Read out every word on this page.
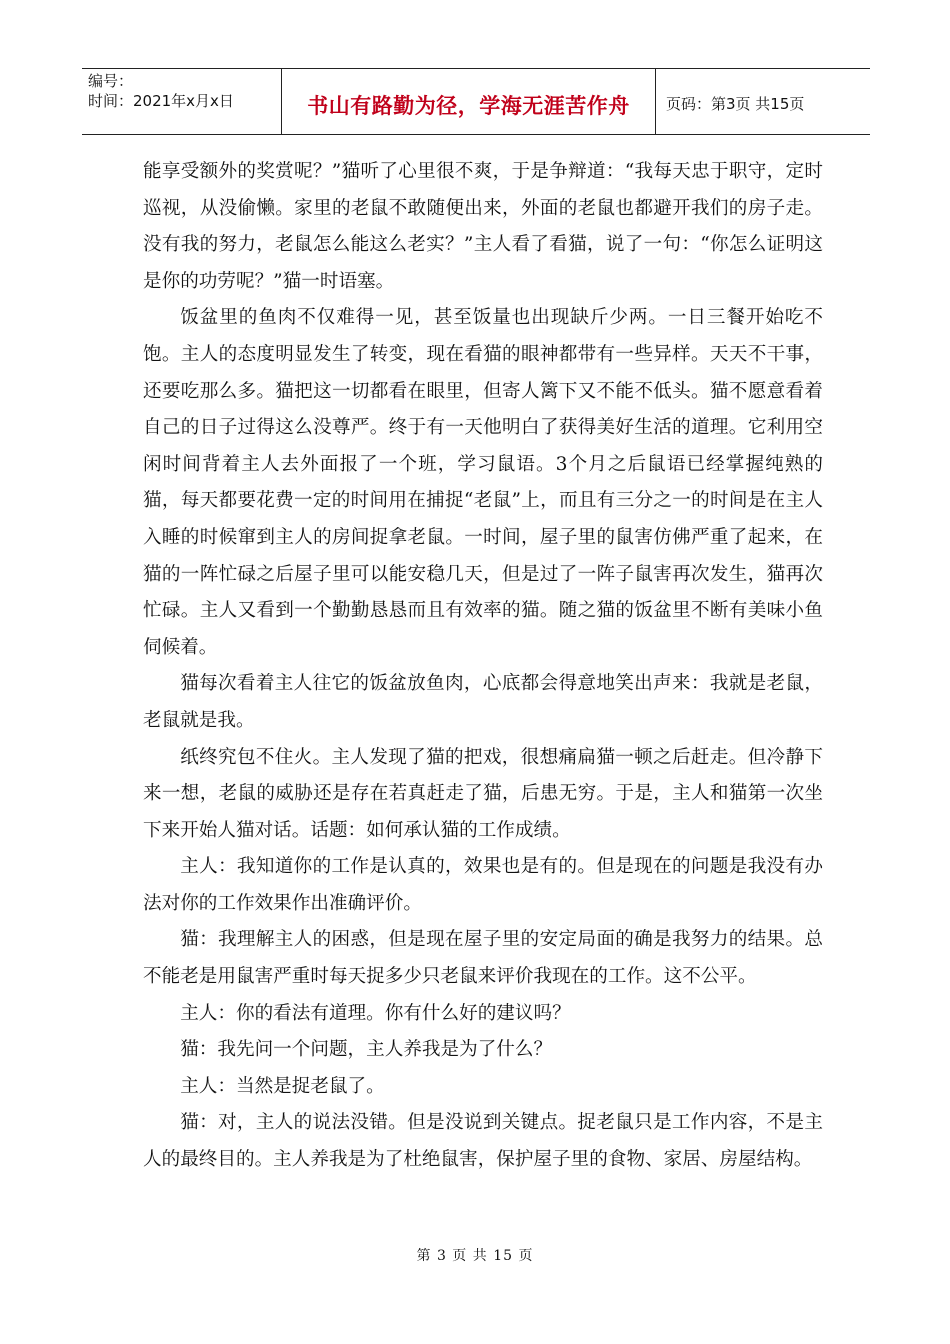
编号：
时间：2021年x月x日	书山有路勤为径，学海无涯苦作舟	页码：第3页 共15页

能享受额外的奖赏呢？”猫听了心里很不爽，于是争辩道：“我每天忠于职守，定时巡视，从没偷懒。家里的老鼠不敢随便出来，外面的老鼠也都避开我们的房子走。没有我的努力，老鼠怎么能这么老实？”主人看了看猫，说了一句：“你怎么证明这是你的功劳呢？”猫一时语塞。

饭盆里的鱼肉不仅难得一见，甚至饭量也出现缺斤少两。一日三餐开始吃不饱。主人的态度明显发生了转变，现在看猫的眼神都带有一些异样。天天不干事，还要吃那么多。猫把这一切都看在眼里，但寄人篱下又不能不低头。猫不愿意看着自己的日子过得这么没尊严。终于有一天他明白了获得美好生活的道理。它利用空闲时间背着主人去外面报了一个班，学习鼠语。3个月之后鼠语已经掌握纯熟的猫，每天都要花费一定的时间用在捕捉“老鼠”上，而且有三分之一的时间是在主人入睡的时候窜到主人的房间捉拿老鼠。一时间，屋子里的鼠害仿佛严重了起来，在猫的一阵忙碌之后屋子里可以能安稳几天，但是过了一阵子鼠害再次发生，猫再次忙碌。主人又看到一个勤勤恳恳而且有效率的猫。随之猫的饭盆里不断有美味小鱼伺候着。

猫每次看着主人往它的饭盆放鱼肉，心底都会得意地笑出声来：我就是老鼠，老鼠就是我。

纸终究包不住火。主人发现了猫的把戏，很想痛扁猫一顿之后赶走。但冷静下来一想，老鼠的威胁还是存在若真赶走了猫，后患无穷。于是，主人和猫第一次坐下来开始人猫对话。话题：如何承认猫的工作成绩。

主人：我知道你的工作是认真的，效果也是有的。但是现在的问题是我没有办法对你的工作效果作出准确评价。

猫：我理解主人的困惑，但是现在屋子里的安定局面的确是我努力的结果。总不能老是用鼠害严重时每天捉多少只老鼠来评价我现在的工作。这不公平。

主人：你的看法有道理。你有什么好的建议吗？

猫：我先问一个问题，主人养我是为了什么？

主人：当然是捉老鼠了。

猫：对，主人的说法没错。但是没说到关键点。捉老鼠只是工作内容，不是主人的最终目的。主人养我是为了杜绝鼠害，保护屋子里的食物、家居、房屋结构。

第 3 页 共 15 页
